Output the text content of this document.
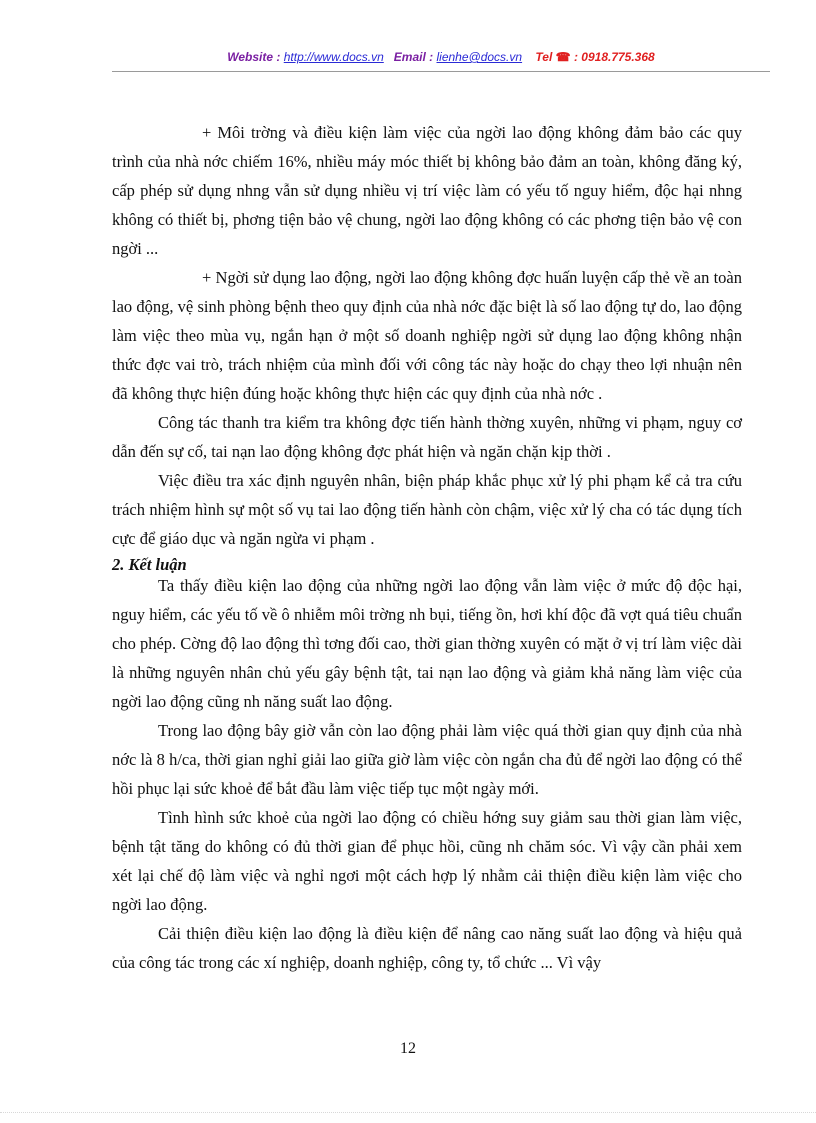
Website : http://www.docs.vn Email : lienhe@docs.vn Tel ☎ : 0918.775.368

+ Môi trờng và điều kiện làm việc của ngời lao động không đảm bảo các quy trình của nhà nớc chiếm 16%, nhiều máy móc thiết bị không bảo đảm an toàn, không đăng ký, cấp phép sử dụng nhng vẫn sử dụng nhiều vị trí việc làm có yếu tố nguy hiểm, độc hại nhng không có thiết bị, phơng tiện bảo vệ chung, ngời lao động không có các phơng tiện bảo vệ con ngời ...

+ Ngời sử dụng lao động, ngời lao động không đợc huấn luyện cấp thẻ về an toàn lao động, vệ sinh phòng bệnh theo quy định của nhà nớc đặc biệt là số lao động tự do, lao động làm việc theo mùa vụ, ngắn hạn ở một số doanh nghiệp ngời sử dụng lao động không nhận thức đợc vai trò, trách nhiệm của mình đối với công tác này hoặc do chạy theo lợi nhuận nên đã không thực hiện đúng hoặc không thực hiện các quy định của nhà nớc .

Công tác thanh tra kiểm tra không đợc tiến hành thờng xuyên, những vi phạm, nguy cơ dẫn đến sự cố, tai nạn lao động không đợc phát hiện và ngăn chặn kịp thời .

Việc điều tra xác định nguyên nhân, biện pháp khắc phục xử lý phi phạm kể cả tra cứu trách nhiệm hình sự một số vụ tai lao động tiến hành còn chậm, việc xử lý cha có tác dụng tích cực để giáo dục và ngăn ngừa vi phạm .

2. Kết luận

Ta thấy điều kiện lao động của những ngời lao động vẫn làm việc ở mức độ độc hại, nguy hiểm, các yếu tố về ô nhiễm môi trờng nh bụi, tiếng ồn, hơi khí độc đã vợt quá tiêu chuẩn cho phép. Cờng độ lao động thì tơng đối cao, thời gian thờng xuyên có mặt ở vị trí làm việc dài là những nguyên nhân chủ yếu gây bệnh tật, tai nạn lao động và giảm khả năng làm việc của ngời lao động cũng nh năng suất lao động.

Trong lao động bây giờ vẫn còn lao động phải làm việc quá thời gian quy định của nhà nớc là 8 h/ca, thời gian nghỉ giải lao giữa giờ làm việc còn ngắn cha đủ để ngời lao động có thể hồi phục lại sức khoẻ để bắt đầu làm việc tiếp tục một ngày mới.

Tình hình sức khoẻ của ngời lao động có chiều hớng suy giảm sau thời gian làm việc, bệnh tật tăng do không có đủ thời gian để phục hồi, cũng nh chăm sóc. Vì vậy cần phải xem xét lại chế độ làm việc và nghỉ ngơi một cách hợp lý nhằm cải thiện điều kiện làm việc cho ngời lao động.

Cải thiện điều kiện lao động là điều kiện để nâng cao năng suất lao động và hiệu quả của công tác trong các xí nghiệp, doanh nghiệp, công ty, tổ chức ... Vì vậy

12
